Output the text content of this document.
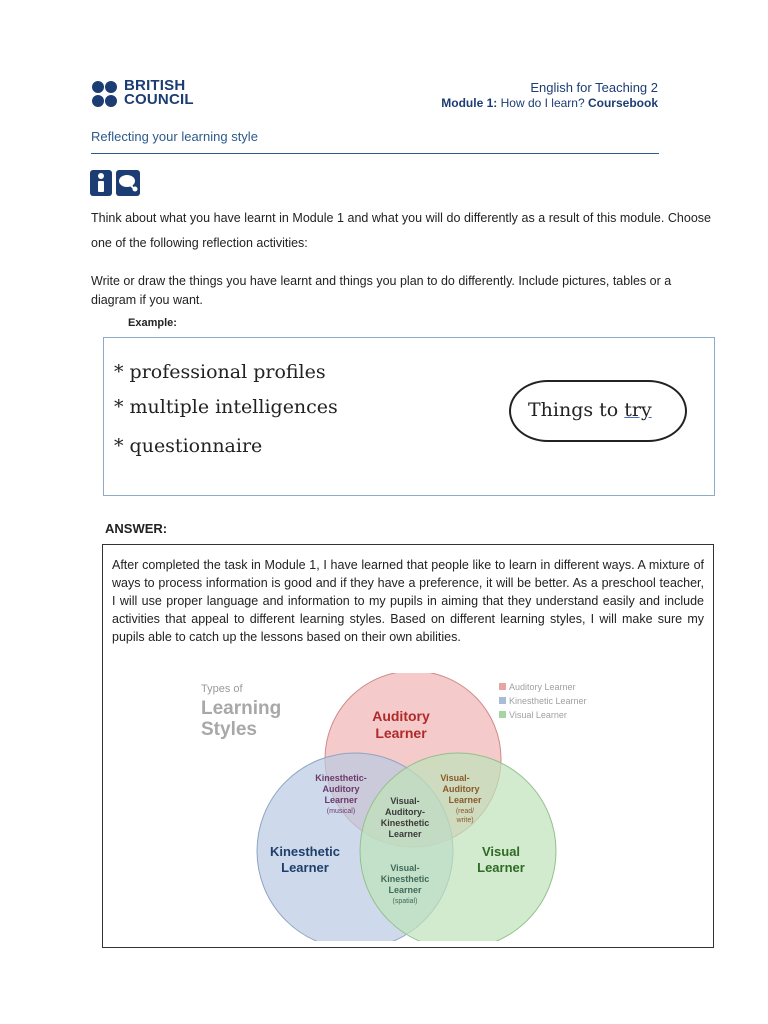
BRITISH
COUNCIL
English for Teaching 2
Module 1: How do I learn? Coursebook
Reflecting your learning style
Think about what you have learnt in Module 1 and what you will do differently as a result of this module. Choose one of the following reflection activities:
Write or draw the things you have learnt and things you plan to do differently. Include pictures, tables or a diagram if you want.
Example:
* professional profiles
* multiple intelligences
* questionnaire
Things to try
ANSWER:
After completed the task in Module 1, I have learned that people like to learn in different ways. A mixture of ways to process information is good and if they have a preference, it will be better. As a preschool teacher, I will use proper language and information to my pupils in aiming that they understand easily and include activities that appeal to different learning styles. Based on different learning styles, I will make sure my pupils able to catch up the lessons based on their own abilities.
Types of
Learning
Styles
Auditory Learner
Kinesthetic Learner
Visual Learner
Auditory
Learner
Kinesthetic
Learner
Visual
Learner
Kinesthetic-
Auditory
Learner
(musical)
Visual-
Auditory
Learner
(read/
write)
Visual-
Auditory-
Kinesthetic
Learner
Visual-
Kinesthetic
Learner
(spatial)
